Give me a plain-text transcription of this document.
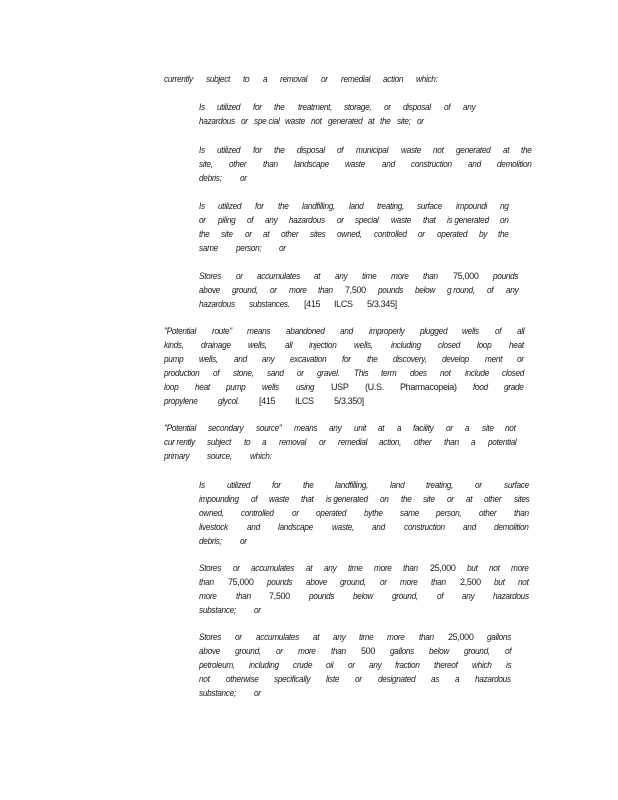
currently subject to a removal or remedial action which:
Is utilized for the treatment, storage, or disposal of any
hazardous or spe cial waste not generated at the site; or
Is utilized for the disposal of municipal waste not generated at the
site, other than landscape waste and construction and demolition
debris; or
Is utilized for the landfilling, land treating, surface impoundi ng
or piling of any hazardous or special waste that is generated on
the site or at other sites owned, controlled or operated by the
same person; or
Stores or accumulates at any time more than 75,000 pounds
above ground, or more than 7,500 pounds below g round, of any
hazardous substances. [415 ILCS 5/3.345]
"Potential route" means abandoned and improperly plugged wells of all
kinds, drainage wells, all injection wells, including closed loop heat
pump wells, and any excavation for the discovery, develop ment or
production of stone, sand or gravel. This term does not include closed
loop heat pump wells using USP (U.S. Pharmacopeia) food grade
propylene glycol. [415 ILCS 5/3.350]
"Potential secondary source" means any unit at a facility or a site not
cur rently subject to a removal or remedial action, other than a potential
primary source, which:
Is utilized for the landfilling, land treating, or surface
impounding of waste that is generated on the site or at other sites
owned, controlled or operated bythe same person, other than
livestock and landscape waste, and construction and demolition
debris; or
Stores or accumulates at any time more than 25,000 but not more
than 75,000 pounds above ground, or more than 2,500 but not
more than 7,500 pounds below ground, of any hazardous
substance; or
Stores or accumulates at any time more than 25,000 gallons
above ground, or more than 500 gallons below ground, of
petroleum, including crude oil or any fraction thereof which is
not otherwise specifically liste or designated as a hazardous
substance; or
